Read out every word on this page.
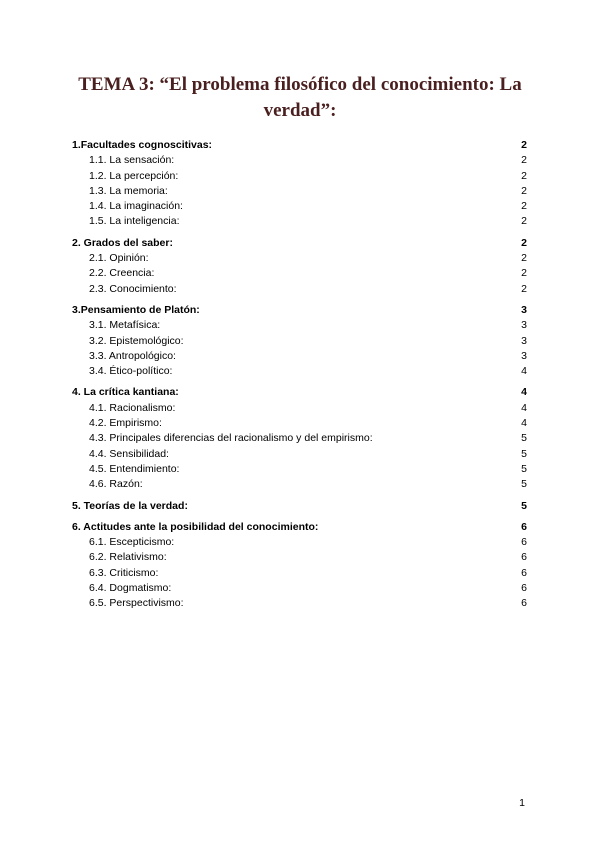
TEMA 3: “El problema filosófico del conocimiento: La verdad”:
1.Facultades cognoscitivas:	2
1.1. La sensación:	2
1.2. La percepción:	2
1.3. La memoria:	2
1.4. La imaginación:	2
1.5. La inteligencia:	2
2. Grados del saber:	2
2.1. Opinión:	2
2.2. Creencia:	2
2.3. Conocimiento:	2
3.Pensamiento de Platón:	3
3.1. Metafísica:	3
3.2. Epistemológico:	3
3.3. Antropológico:	3
3.4. Ético-político:	4
4. La crítica kantiana:	4
4.1. Racionalismo:	4
4.2. Empirismo:	4
4.3. Principales diferencias del racionalismo y del empirismo:	5
4.4. Sensibilidad:	5
4.5. Entendimiento:	5
4.6. Razón:	5
5. Teorías de la verdad:	5
6. Actitudes ante la posibilidad del conocimiento:	6
6.1. Escepticismo:	6
6.2. Relativismo:	6
6.3. Criticismo:	6
6.4. Dogmatismo:	6
6.5. Perspectivismo:	6
1
